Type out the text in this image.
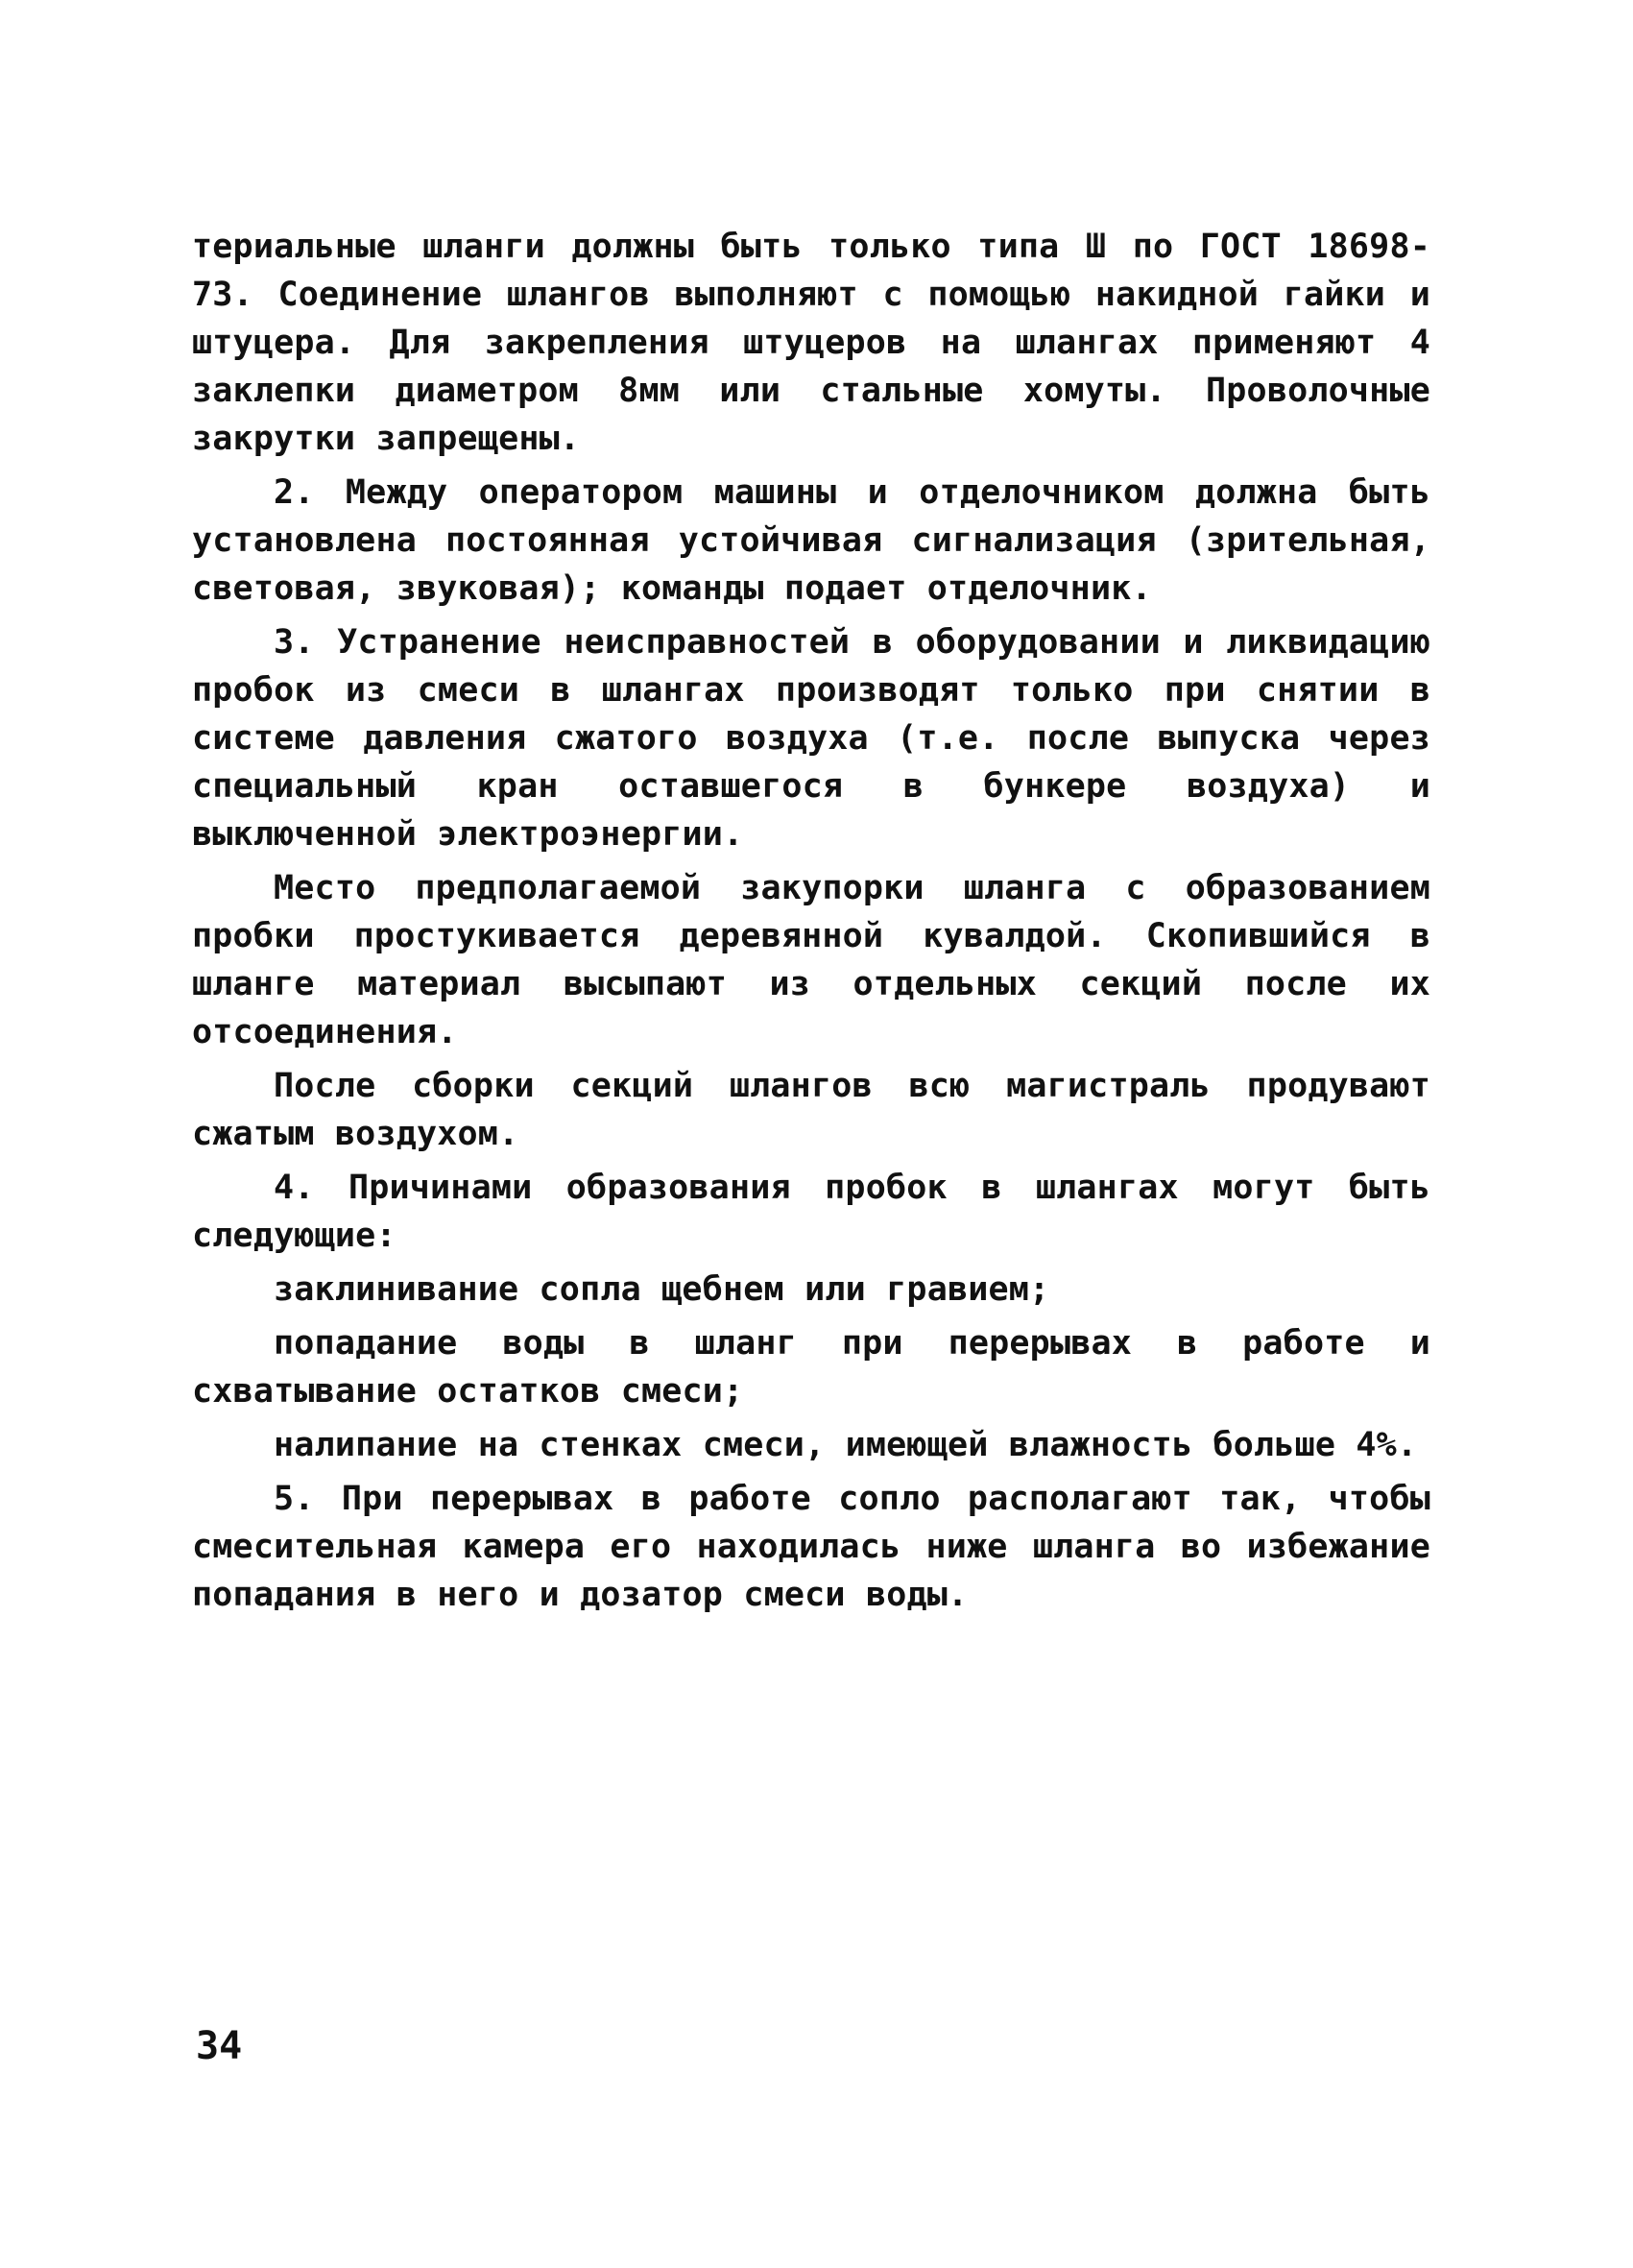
териальные шланги должны быть только типа Ш по ГОСТ 18698-73. Соединение шлангов выполняют с помощью накидной гайки и штуцера. Для закрепления штуцеров на шлангах применяют 4 заклепки диаметром 8мм или стальные хомуты. Проволочные закрутки запрещены.

2. Между оператором машины и отделочником должна быть установлена постоянная устойчивая сигнализация (зрительная, световая, звуковая); команды подает отделочник.

3. Устранение неисправностей в оборудовании и ликвидацию пробок из смеси в шлангах производят только при снятии в системе давления сжатого воздуха (т.е. после выпуска через специальный кран оставшегося в бункере воздуха) и выключенной электроэнергии.

Место предполагаемой закупорки шланга с образованием пробки простукивается деревянной кувалдой. Скопившийся в шланге материал высыпают из отдельных секций после их отсоединения.

После сборки секций шлангов всю магистраль продувают сжатым воздухом.

4. Причинами образования пробок в шлангах могут быть следующие:

заклинивание сопла щебнем или гравием;

попадание воды в шланг при перерывах в работе и схватывание остатков смеси;

налипание на стенках смеси, имеющей влажность больше 4%.

5. При перерывах в работе сопло располагают так, чтобы смесительная камера его находилась ниже шланга во избежание попадания в него и дозатор смеси воды.

34
